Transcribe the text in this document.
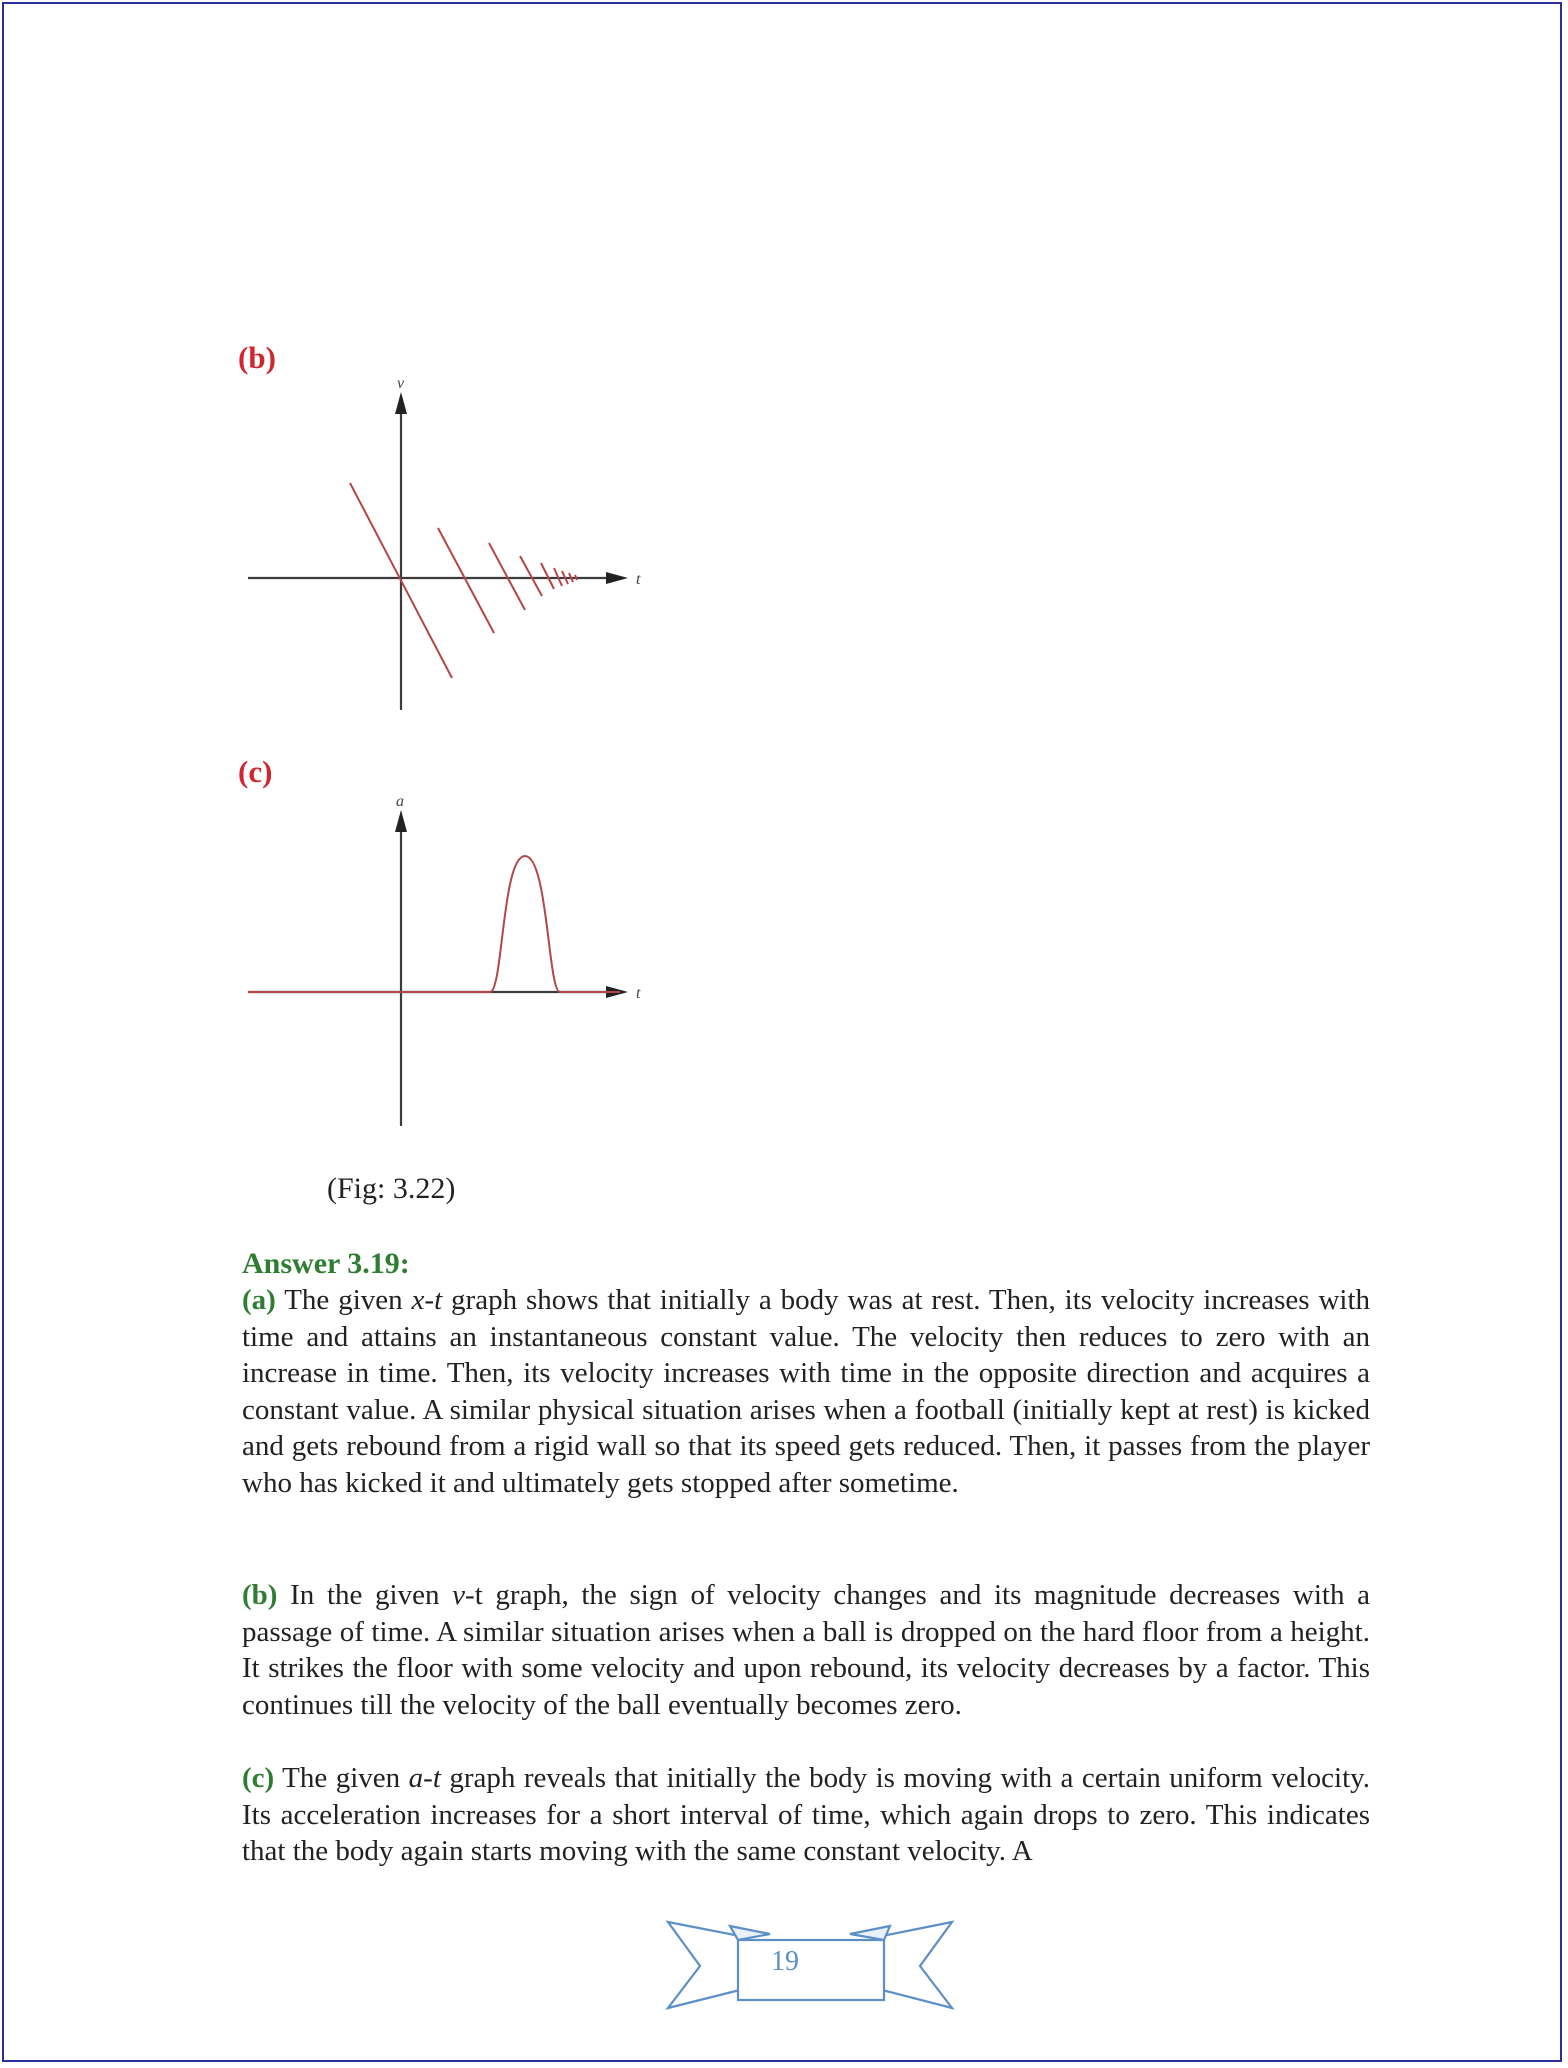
(b)
t
v
(c)
t
a
(Fig: 3.22)
Answer 3.19:
(a) The given x-t graph shows that initially a body was at rest. Then, its velocity increases with time and attains an instantaneous constant value. The velocity then reduces to zero with an increase in time. Then, its velocity increases with time in the opposite direction and acquires a constant value. A similar physical situation arises when a football (initially kept at rest) is kicked and gets rebound from a rigid wall so that its speed gets reduced. Then, it passes from the player who has kicked it and ultimately gets stopped after sometime.
(b) In the given v-t graph, the sign of velocity changes and its magnitude decreases with a passage of time. A similar situation arises when a ball is dropped on the hard floor from a height. It strikes the floor with some velocity and upon rebound, its velocity decreases by a factor. This continues till the velocity of the ball eventually becomes zero.
(c) The given a-t graph reveals that initially the body is moving with a certain uniform velocity. Its acceleration increases for a short interval of time, which again drops to zero. This indicates that the body again starts moving with the same constant velocity. A
19
